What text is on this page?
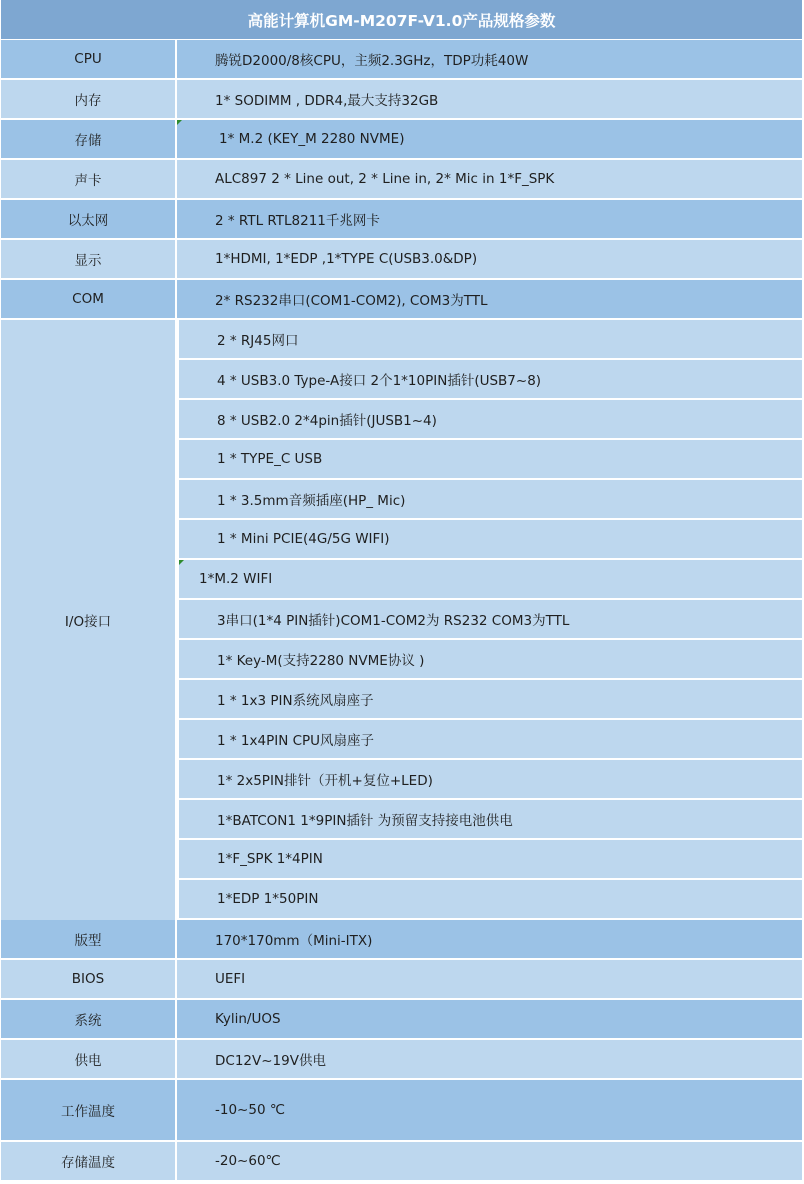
高能计算机GM-M207F-V1.0产品规格参数
CPU	腾锐D2000/8核CPU，主频2.3GHz，TDP功耗40W
内存	1* SODIMM , DDR4,最大支持32GB
存储	1* M.2 (KEY_M 2280 NVME)
声卡	ALC897 2 * Line out, 2 * Line in, 2* Mic in 1*F_SPK
以太网	2 * RTL RTL8211千兆网卡
显示	1*HDMI, 1*EDP ,1*TYPE C(USB3.0&DP)
COM	2* RS232串口(COM1-COM2), COM3为TTL
I/O接口
2 * RJ45网口
4 * USB3.0 Type-A接口 2个1*10PIN插针(USB7~8)
8 * USB2.0 2*4pin插针(JUSB1~4)
1 * TYPE_C USB
1 * 3.5mm音频插座(HP_ Mic)
1 * Mini PCIE(4G/5G WIFI)
1*M.2 WIFI
3串口(1*4 PIN插针)COM1-COM2为 RS232 COM3为TTL
1* Key-M(支持2280 NVME协议 )
1 * 1x3 PIN系统风扇座子
1 * 1x4PIN CPU风扇座子
1* 2x5PIN排针（开机+复位+LED)
1*BATCON1 1*9PIN插针 为预留支持接电池供电
1*F_SPK 1*4PIN
1*EDP 1*50PIN
版型	170*170mm（Mini-ITX)
BIOS	UEFI
系统	Kylin/UOS
供电	DC12V~19V供电
工作温度	-10~50 ℃
存储温度	-20~60℃
